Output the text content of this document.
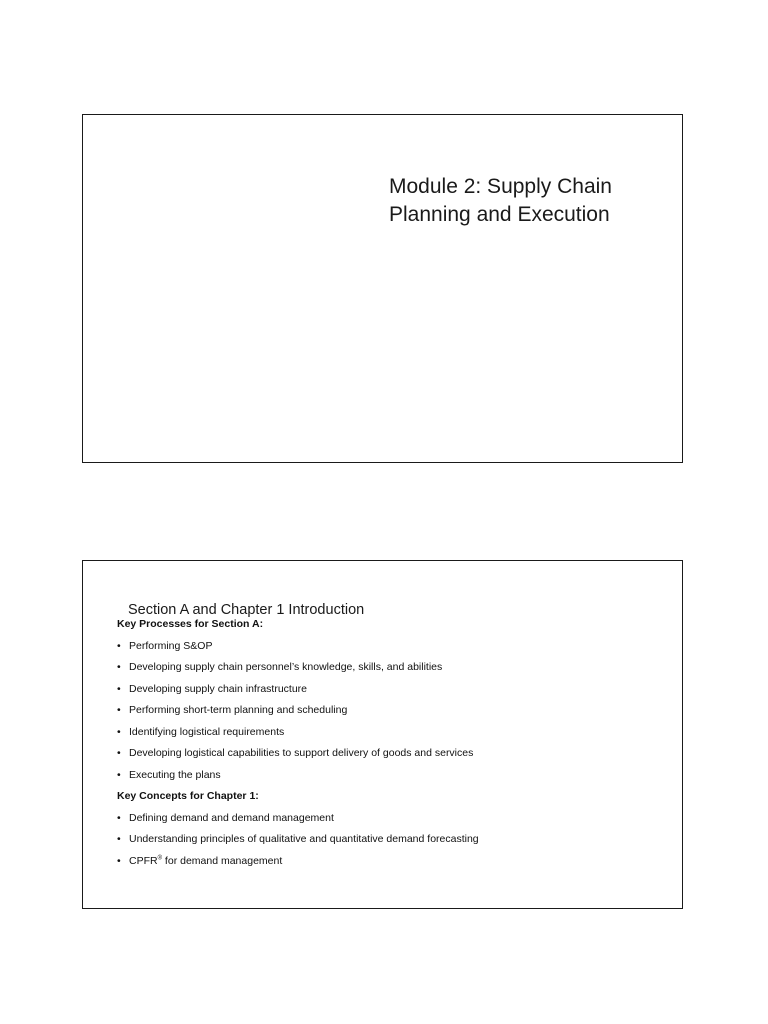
Module 2: Supply Chain
Planning and Execution
Section A and Chapter 1 Introduction
Key Processes for Section A:
• Performing S&OP
• Developing supply chain personnel’s knowledge, skills, and abilities
• Developing supply chain infrastructure
• Performing short-term planning and scheduling
• Identifying logistical requirements
• Developing logistical capabilities to support delivery of goods and services
• Executing the plans
Key Concepts for Chapter 1:
• Defining demand and demand management
• Understanding principles of qualitative and quantitative demand forecasting
• CPFR® for demand management
